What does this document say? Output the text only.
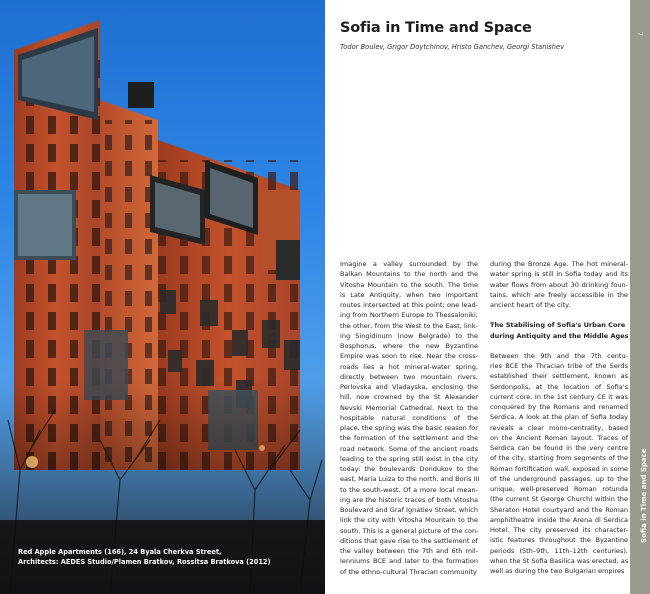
Red Apple Apartments (166), 24 Byala Cherkva Street,
Architects: AEDES Studio/Plamen Bratkov, Rossitsa Bratkova (2012)
Sofia in Time and Space
Todor Boulev, Grigor Doytchinov, Hristo Ganchev, Georgi Stanishev
Imagine a valley surrounded by the
Balkan Mountains to the north and the
Vitosha Mountain to the south. The time
is Late Antiquity, when two important
routes intersected at this point: one lead-
ing from Northern Europe to Thessaloniki;
the other, from the West to the East, link-
ing Singidinum (now Belgrade) to the
Bosphorus, where the new Byzantine
Empire was soon to rise. Near the cross-
roads lies a hot mineral-water spring,
directly between two mountain rivers,
Perlovska and Vladayska, enclosing the
hill, now crowned by the St Alexander
Nevski Memorial Cathedral. Next to the
hospitable natural conditions of the
place, the spring was the basic reason for
the formation of the settlement and the
road network. Some of the ancient roads
leading to the spring still exist in the city
today: the boulevards Dondukov to the
east, Maria Luiza to the north, and Boris III
to the south-west. Of a more local mean-
ing are the historic traces of both Vitosha
Boulevard and Graf Ignatiev Street, which
link the city with Vitosha Mountain to the
south. This is a general picture of the con-
ditions that gave rise to the settlement of
the valley between the 7th and 6th mil-
lenniums BCE and later to the formation
of the ethno-cultural Thracian community
during the Bronze Age. The hot mineral-
water spring is still in Sofia today and its
water flows from about 30 drinking foun-
tains, which are freely accessible in the
ancient heart of the city.
The Stabilising of Sofia's Urban Core
during Antiquity and the Middle Ages
Between the 9th and the 7th centu-
ries BCE the Thracian tribe of the Serds
established their settlement, known as
Serdonpolis, at the location of Sofia's
current core. In the 1st century CE it was
conquered by the Romans and renamed
Serdica. A look at the plan of Sofia today
reveals a clear mono-centrality, based
on the Ancient Roman layout. Traces of
Serdica can be found in the very centre
of the city, starting from segments of the
Roman fortification wall, exposed in some
of the underground passages, up to the
unique, well-preserved Roman rotunda
(the current St George Church) within the
Sheraton Hotel courtyard and the Roman
amphitheatre inside the Arena di Serdica
Hotel. The city preserved its character-
istic features throughout the Byzantine
periods (5th–9th, 11th–12th centuries),
when the St Sofia Basilica was erected, as
well as during the two Bulgarian empires
7
Sofia in Time and Space
